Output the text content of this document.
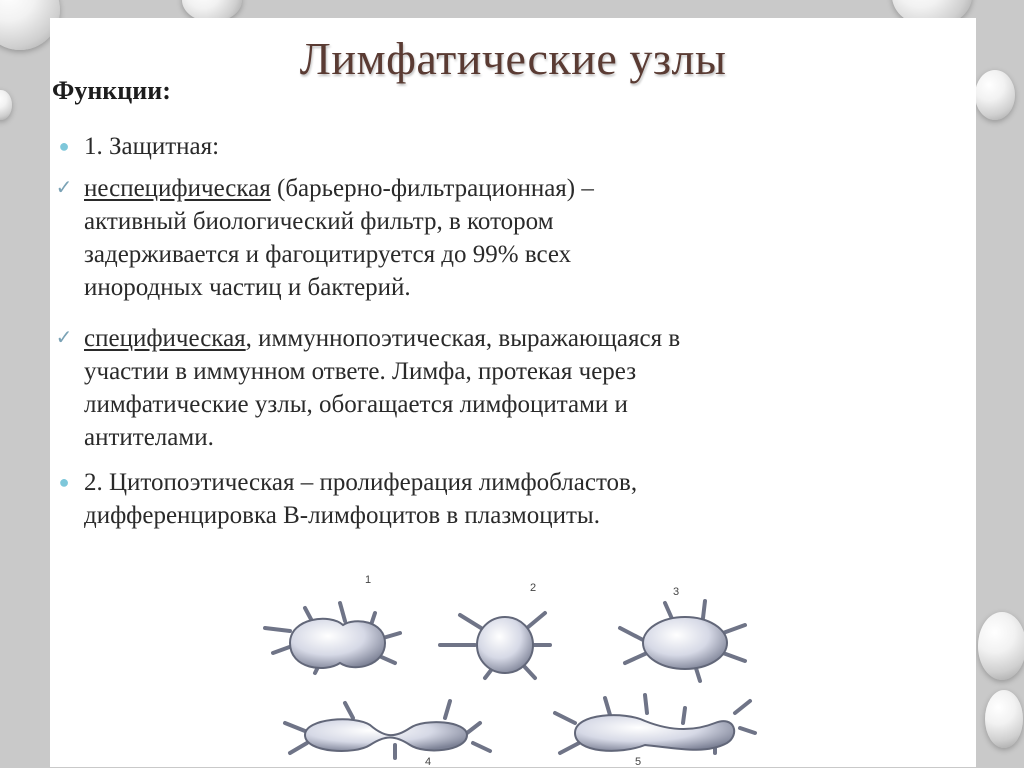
Лимфатические узлы
Функции:
● 1. Защитная:
✓ неспецифическая (барьерно-фильтрационная) –
активный биологический фильтр, в котором
задерживается и фагоцитируется до 99% всех
инородных частиц и бактерий.
✓ специфическая, иммуннопоэтическая, выражающаяся в
участии в иммунном ответе. Лимфа, протекая через
лимфатические узлы, обогащается лимфоцитами и
антителами.
● 2. Цитопоэтическая – пролиферация лимфобластов,
дифференцировка В-лимфоцитов в плазмоциты.
1
2	3
4	5
